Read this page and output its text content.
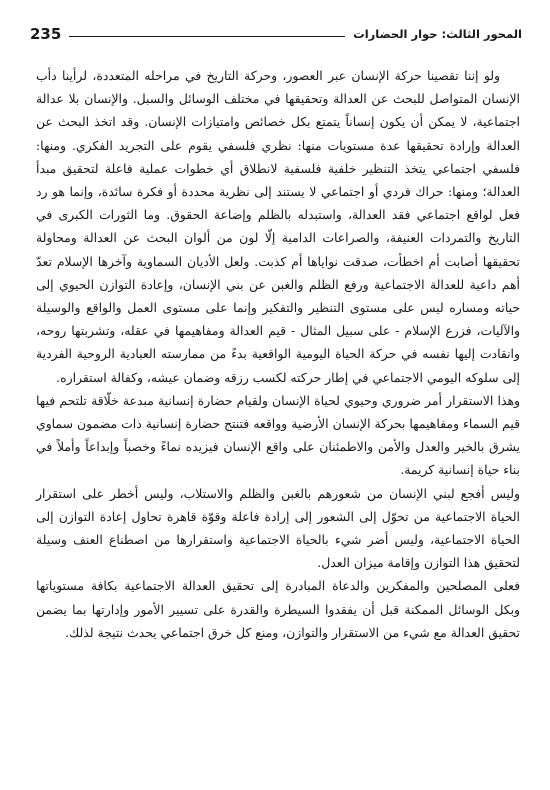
235	المحور الثالث: حوار الحضارات

ولو إننا تقصينا حركة الإنسان عبر العصور، وحركة التاريخ في مراحله المتعددة، لرأينا دأب الإنسان المتواصل للبحث عن العدالة وتحقيقها في مختلف الوسائل والسبل. والإنسان بلا عدالة اجتماعية، لا يمكن أن يكون إنساناً يتمتع بكل خصائص وامتيازات الإنسان. وقد اتخذ البحث عن العدالة وإرادة تحقيقها عدة مستويات منها: نظري فلسفي يقوم على التجريد الفكري. ومنها: فلسفي اجتماعي يتخذ التنظير خلفية فلسفية لانطلاق أي خطوات عملية فاعلة لتحقيق مبدأ العدالة؛ ومنها: حراك فردي أو اجتماعي لا يستند إلى نظرية محددة أو فكرة سائدة، وإنما هو رد فعل لواقع اجتماعي فقد العدالة، واستبدله بالظلم وإضاعة الحقوق. وما الثورات الكبرى في التاريخ والتمردات العنيفة، والصراعات الدامية إلّا لون من ألوان البحث عن العدالة ومحاولة تحقيقها أصابت أم اخطأت، صدقت نواياها أم كذبت. ولعل الأديان السماوية وآخرها الإسلام تعدّ أهم داعية للعدالة الاجتماعية ورفع الظلم والغبن عن بني الإنسان، وإعادة التوازن الحيوي إلى حياته ومساره ليس على مستوى التنظير والتفكير وإنما على مستوى العمل والواقع والوسيلة والآليات، فزرع الإسلام - على سبيل المثال - قيم العدالة ومفاهيمها في عقله، وتشربتها روحه، وانقادت إليها نفسه في حركة الحياة اليومية الواقعية بدءً من ممارسته العبادية الروحية الفردية إلى سلوكه اليومي الاجتماعي في إطار حركته لكسب رزقه وضمان عيشه، وكفالة استقراره.

وهذا الاستقرار أمر ضروري وحيوي لحياة الإنسان ولقيام حضارة إنسانية مبدعة خلّاقة تلتحم فيها قيم السماء ومفاهيمها بحركة الإنسان الأرضية وواقعه فتنتج حضارة إنسانية ذات مضمون سماوي يشرق بالخير والعدل والأمن والاطمئنان على واقع الإنسان فيزيده نماءً وخصباً وإبداعاً وأملاً في بناء حياة إنسانية كريمة.

وليس أفجع لبني الإنسان من شعورهم بالغبن والظلم والاستلاب، وليس أخطر على استقرار الحياة الاجتماعية من تحوّل إلى الشعور إلى إرادة فاعلة وقوّة قاهرة تحاول إعادة التوازن إلى الحياة الاجتماعية، وليس أضر شيء بالحياة الاجتماعية واستقرارها من اصطناع العنف وسيلة لتحقيق هذا التوازن وإقامة ميزان العدل.

فعلى المصلحين والمفكرين والدعاة المبادرة إلى تحقيق العدالة الاجتماعية بكافة مستوياتها وبكل الوسائل الممكنة قبل أن يفقدوا السيطرة والقدرة على تسيير الأمور وإدارتها بما يضمن تحقيق العدالة مع شيء من الاستقرار والتوازن، ومنع كل خرق اجتماعي يحدث نتيجة لذلك.
